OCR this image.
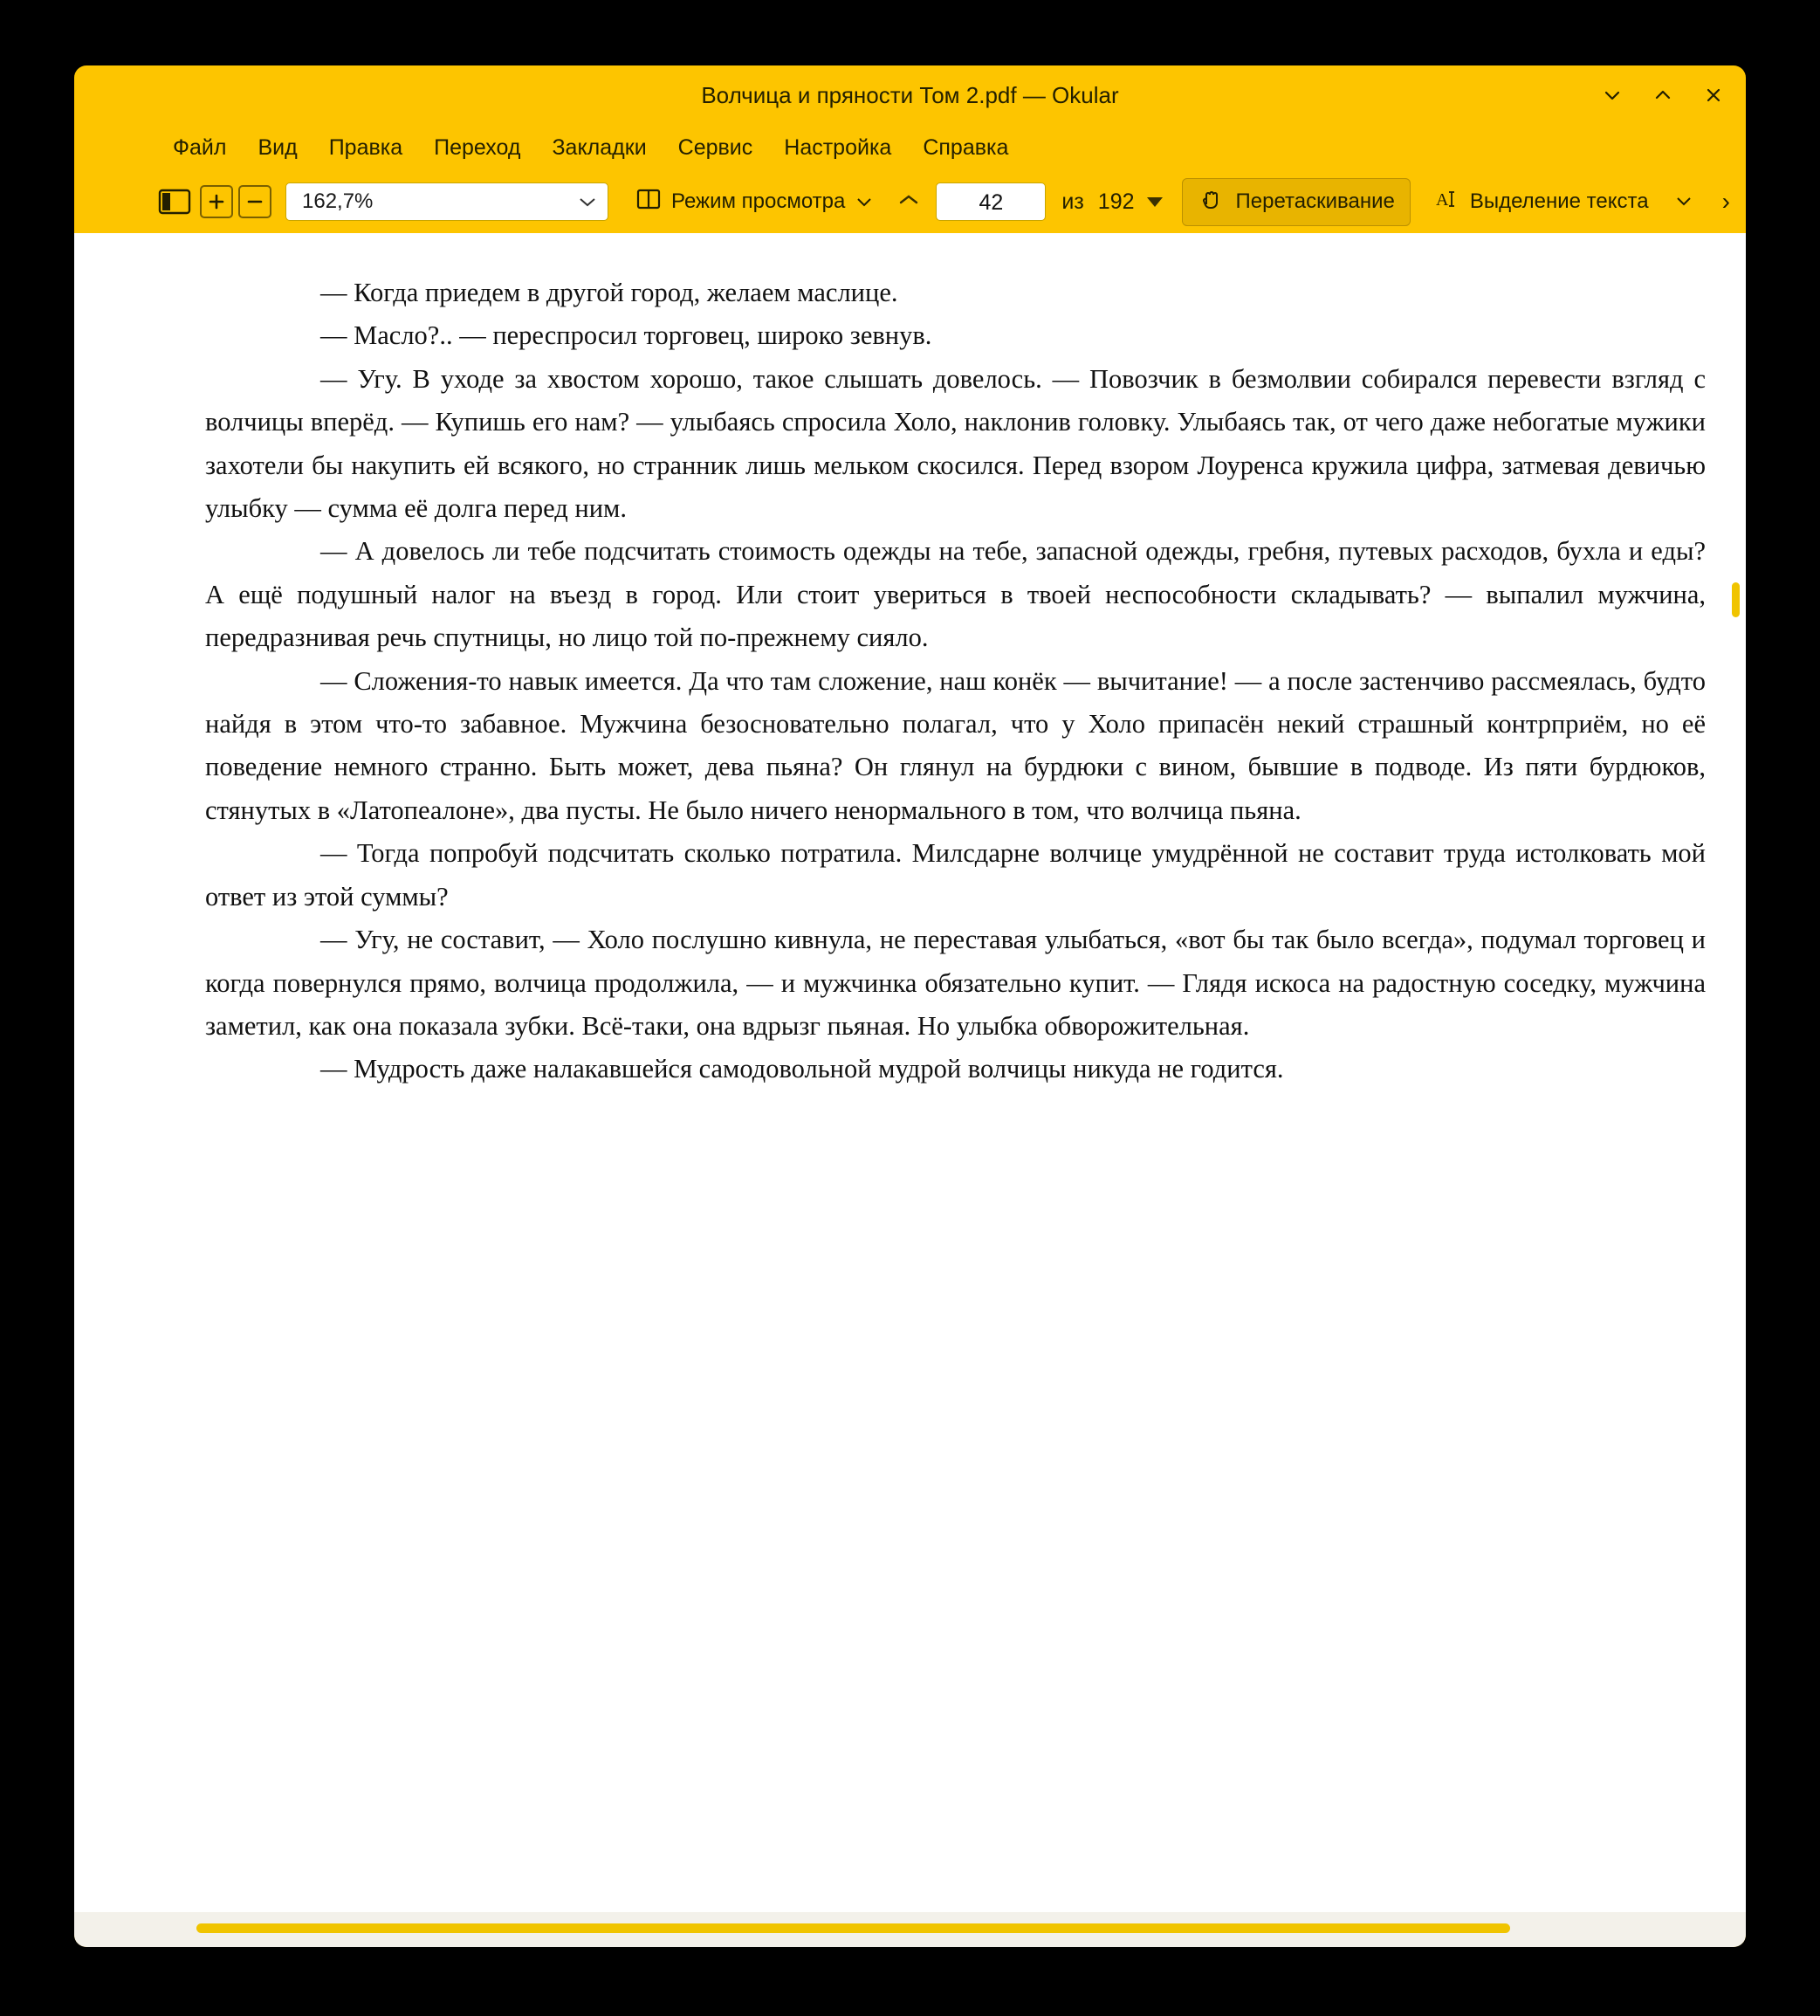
Волчица и пряности Том 2.pdf — Okular
Файл	Вид	Правка	Переход	Закладки	Сервис	Настройка	Справка
162,7%	Режим просмотра	42	из 192	Перетаскивание A Выделение текста	›

— Когда приедем в другой город, желаем маслице.

— Масло?.. — переспросил торговец, широко зевнув.

— Угу. В уходе за хвостом хорошо, такое слышать довелось. — Повозчик в безмолвии собирался перевести взгляд с волчицы вперёд. — Купишь его нам? — улыбаясь спросила Холо, наклонив головку. Улыбаясь так, от чего даже небогатые мужики захотели бы накупить ей всякого, но странник лишь мельком скосился. Перед взором Лоуренса кружила цифра, затмевая девичью улыбку — сумма её долга перед ним.

— А довелось ли тебе подсчитать стоимость одежды на тебе, запасной одежды, гребня, путевых расходов, бухла и еды? А ещё подушный налог на въезд в город. Или стоит увериться в твоей неспособности складывать? — выпалил мужчина, передразнивая речь спутницы, но лицо той по-прежнему сияло.

— Сложения-то навык имеется. Да что там сложение, наш конёк — вычитание! — а после застенчиво рассмеялась, будто найдя в этом что-то забавное. Мужчина безосновательно полагал, что у Холо припасён некий страшный контрприём, но её поведение немного странно. Быть может, дева пьяна? Он глянул на бурдюки с вином, бывшие в подводе. Из пяти бурдюков, стянутых в «Латопеалоне», два пусты. Не было ничего ненормального в том, что волчица пьяна.

— Тогда попробуй подсчитать сколько потратила. Милсдарне волчице умудрённой не составит труда истолковать мой ответ из этой суммы?

— Угу, не составит, — Холо послушно кивнула, не переставая улыбаться, «вот бы так было всегда», подумал торговец и когда повернулся прямо, волчица продолжила, — и мужчинка обязательно купит. — Глядя искоса на радостную соседку, мужчина заметил, как она показала зубки. Всё-таки, она вдрызг пьяная. Но улыбка обворожительная.

— Мудрость даже налакавшейся самодовольной мудрой волчицы никуда не годится.
